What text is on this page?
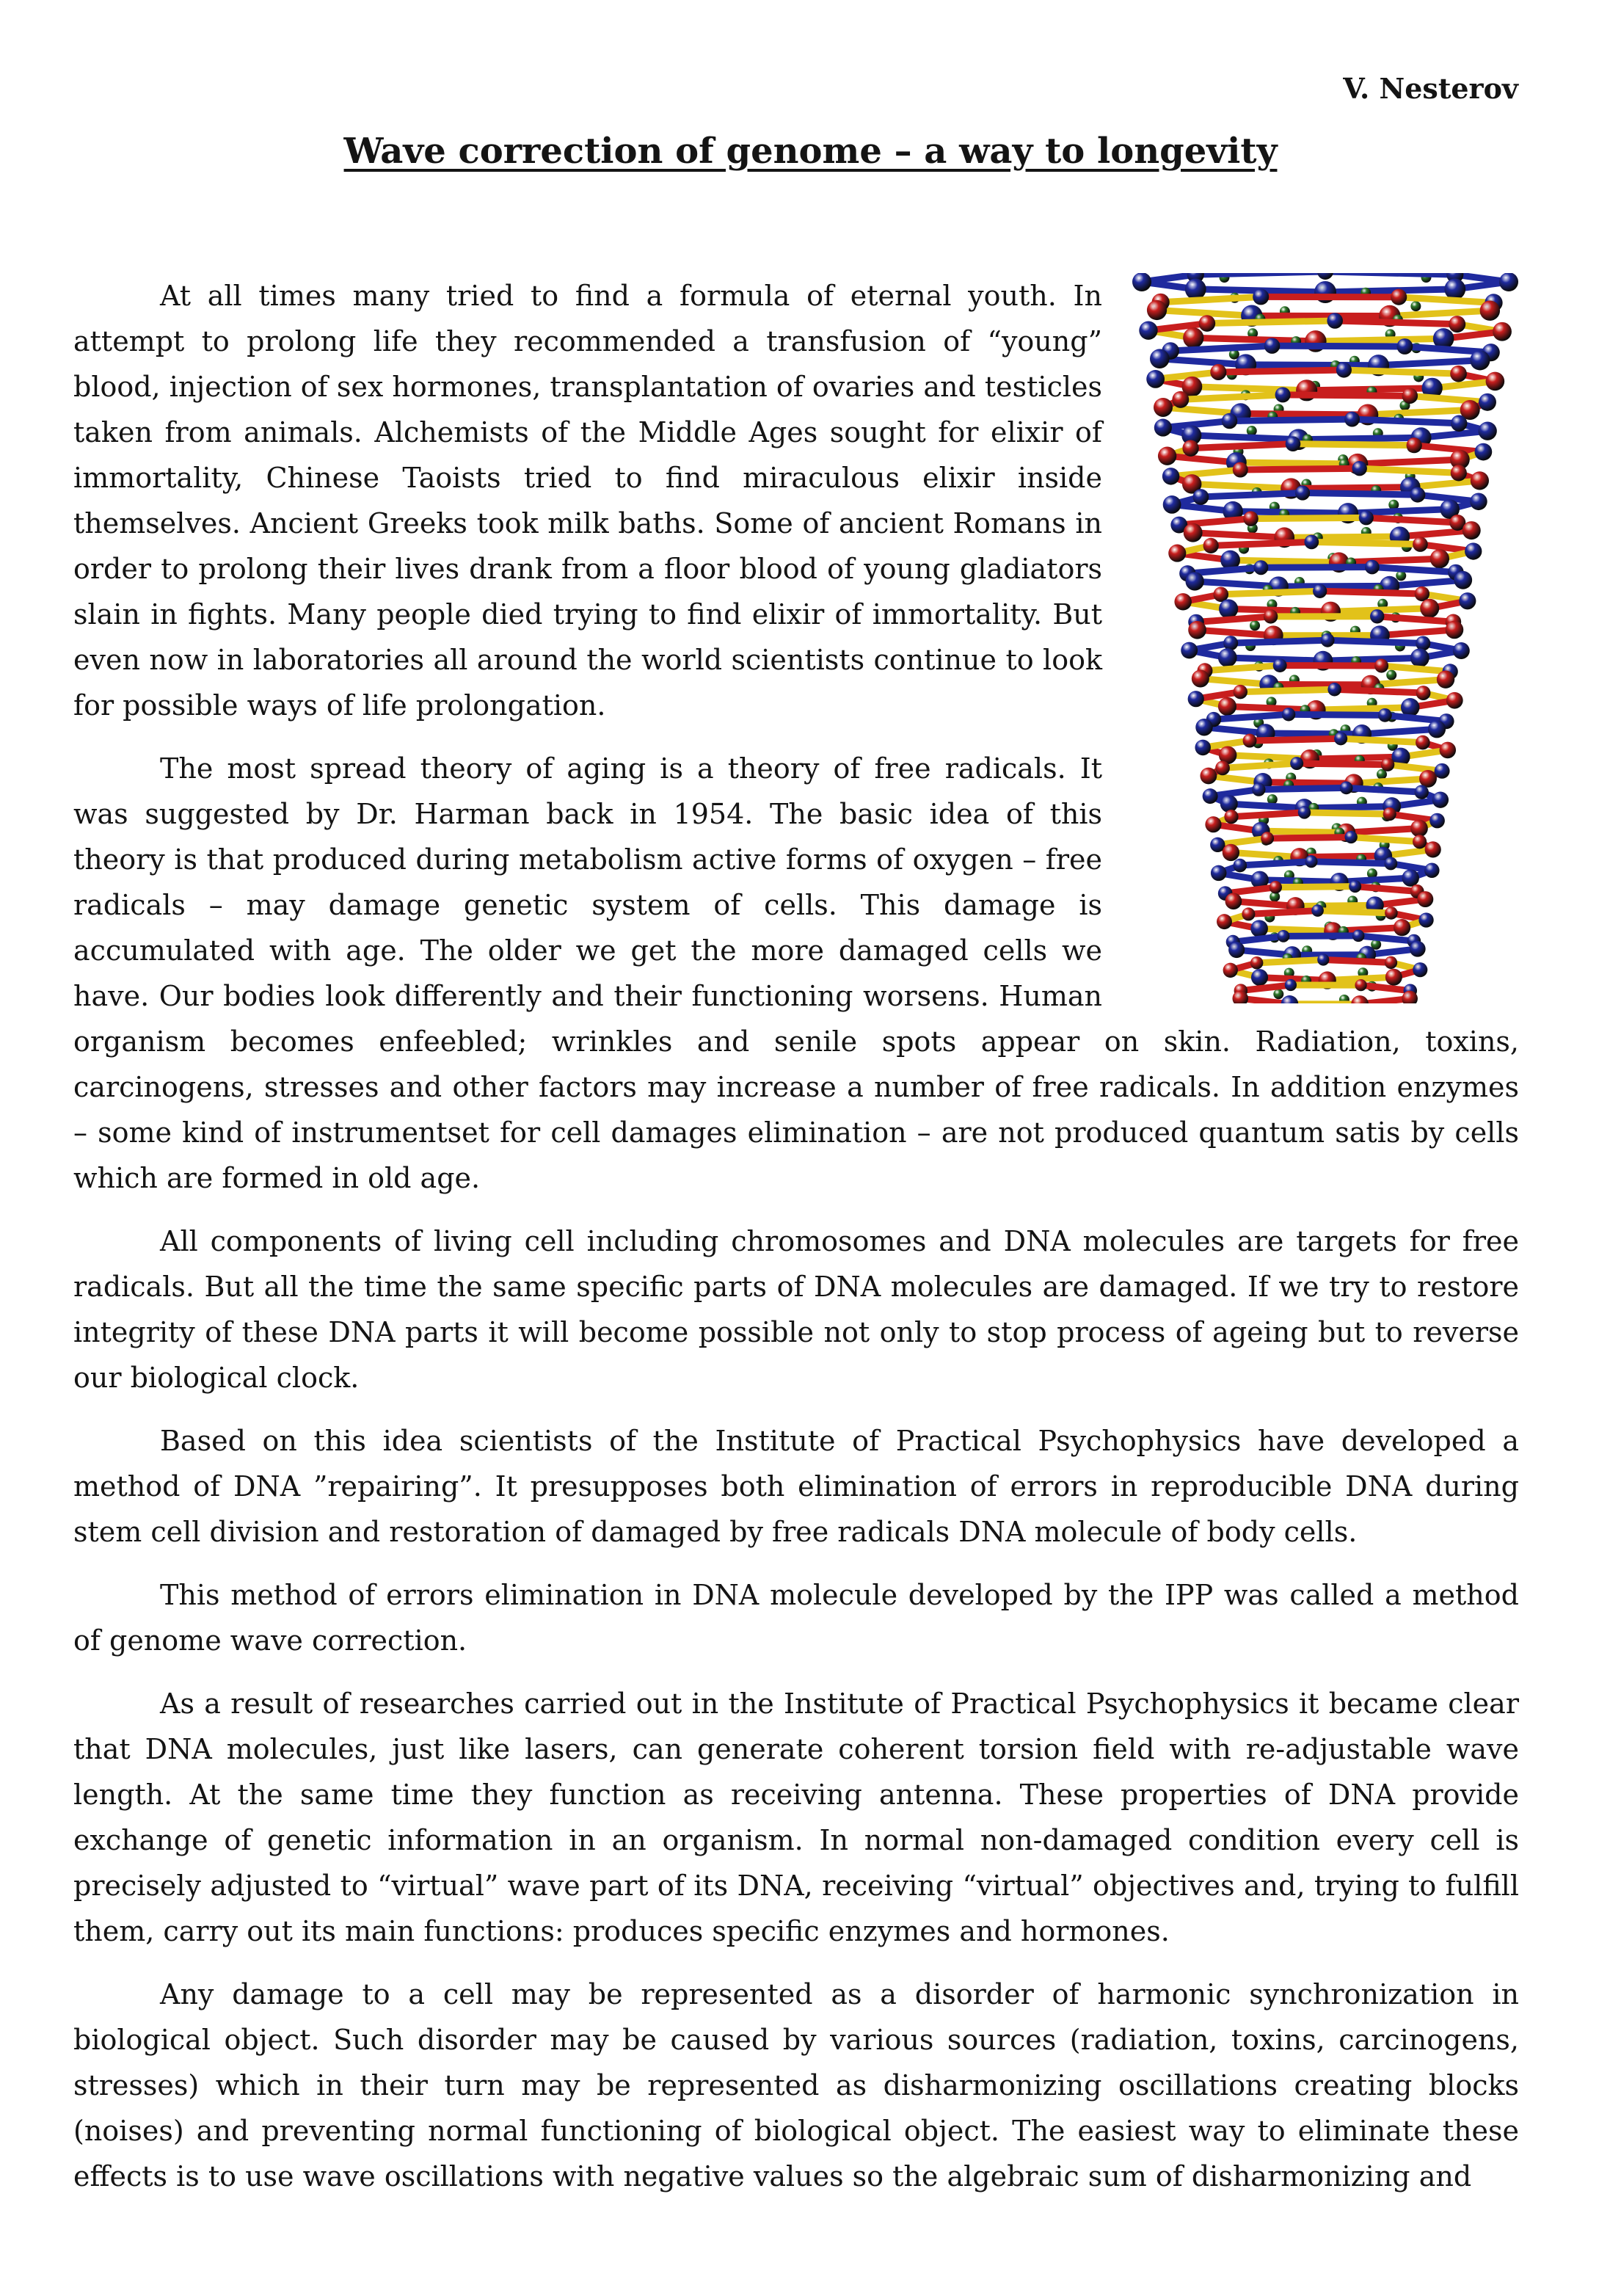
V. Nesterov
Wave correction of genome – a way to longevity

At all times many tried to find a formula of eternal youth. In attempt to prolong life they recommended a transfusion of “young” blood, injection of sex hormones, transplantation of ovaries and testicles taken from animals. Alchemists of the Middle Ages sought for elixir of immortality, Chinese Taoists tried to find miraculous elixir inside themselves. Ancient Greeks took milk baths. Some of ancient Romans in order to prolong their lives drank from a floor blood of young gladiators slain in fights. Many people died trying to find elixir of immortality. But even now in laboratories all around the world scientists continue to look for possible ways of life prolongation.

The most spread theory of aging is a theory of free radicals. It was suggested by Dr. Harman back in 1954. The basic idea of this theory is that produced during metabolism active forms of oxygen – free radicals – may damage genetic system of cells. This damage is accumulated with age. The older we get the more damaged cells we have. Our bodies look differently and their functioning worsens. Human organism becomes enfeebled; wrinkles and senile spots appear on skin. Radiation, toxins, carcinogens, stresses and other factors may increase a number of free radicals. In addition enzymes – some kind of instrumentset for cell damages elimination – are not produced quantum satis by cells which are formed in old age.

All components of living cell including chromosomes and DNA molecules are targets for free radicals. But all the time the same specific parts of DNA molecules are damaged. If we try to restore integrity of these DNA parts it will become possible not only to stop process of ageing but to reverse our biological clock.

Based on this idea scientists of the Institute of Practical Psychophysics have developed a method of DNA ”repairing”. It presupposes both elimination of errors in reproducible DNA during stem cell division and restoration of damaged by free radicals DNA molecule of body cells.

This method of errors elimination in DNA molecule developed by the IPP was called a method of genome wave correction.

As a result of researches carried out in the Institute of Practical Psychophysics it became clear that DNA molecules, just like lasers, can generate coherent torsion field with re-adjustable wave length. At the same time they function as receiving antenna. These properties of DNA provide exchange of genetic information in an organism. In normal non-damaged condition every cell is precisely adjusted to “virtual” wave part of its DNA, receiving “virtual” objectives and, trying to fulfill them, carry out its main functions: produces specific enzymes and hormones.

Any damage to a cell may be represented as a disorder of harmonic synchronization in biological object. Such disorder may be caused by various sources (radiation, toxins, carcinogens, stresses) which in their turn may be represented as disharmonizing oscillations creating blocks (noises) and preventing normal functioning of biological object. The easiest way to eliminate these effects is to use wave oscillations with negative values so the algebraic sum of disharmonizing and
